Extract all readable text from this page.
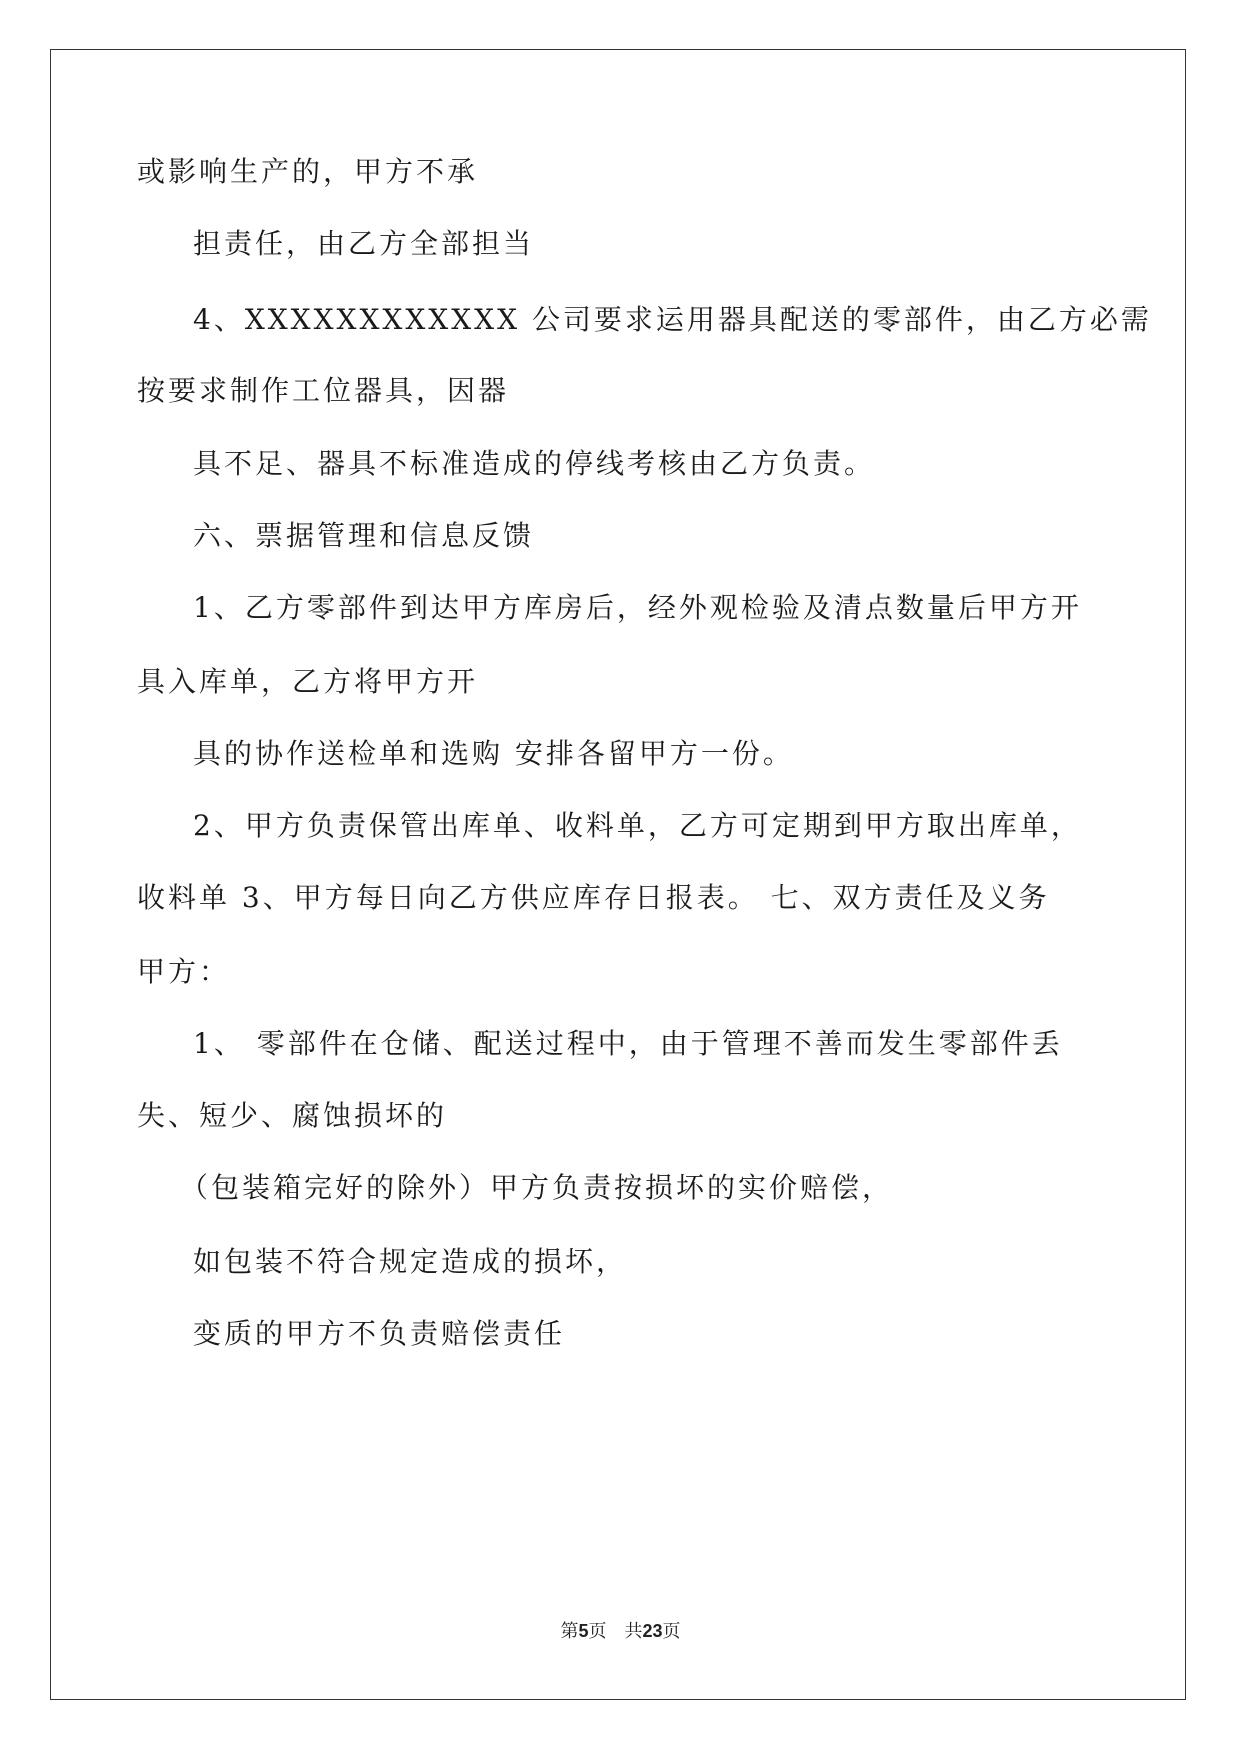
或影响生产的，甲方不承
担责任，由乙方全部担当
4、XXXXXXXXXXXX 公司要求运用器具配送的零部件，由乙方必需
按要求制作工位器具，因器
具不足、器具不标准造成的停线考核由乙方负责。
六、票据管理和信息反馈
1、乙方零部件到达甲方库房后，经外观检验及清点数量后甲方开
具入库单，乙方将甲方开
具的协作送检单和选购 安排各留甲方一份。
2、甲方负责保管出库单、收料单，乙方可定期到甲方取出库单，
收料单 3、甲方每日向乙方供应库存日报表。 七、双方责任及义务
甲方：
1、 零部件在仓储、配送过程中，由于管理不善而发生零部件丢
失、短少、腐蚀损坏的
（包装箱完好的除外）甲方负责按损坏的实价赔偿，
如包装不符合规定造成的损坏，
变质的甲方不负责赔偿责任
第5页 共23页
